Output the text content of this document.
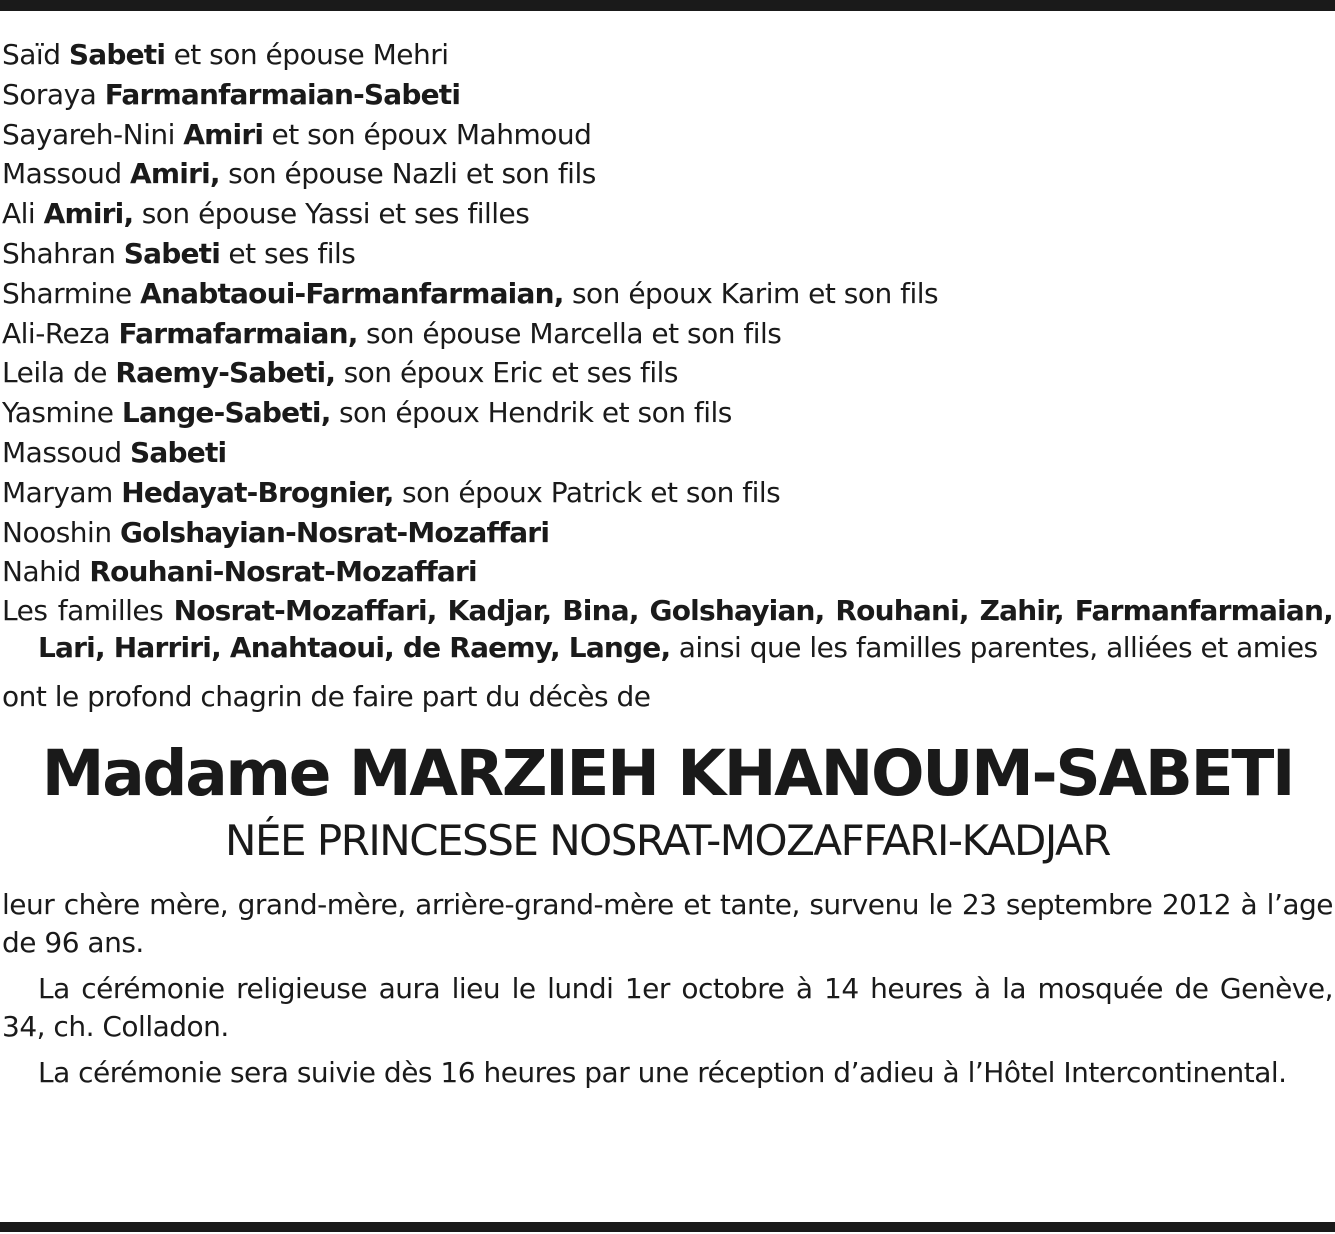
Saïd Sabeti et son épouse Mehri
Soraya Farmanfarmaian-Sabeti
Sayareh-Nini Amiri et son époux Mahmoud
Massoud Amiri, son épouse Nazli et son fils
Ali Amiri, son épouse Yassi et ses filles
Shahran Sabeti et ses fils
Sharmine Anabtaoui-Farmanfarmaian, son époux Karim et son fils
Ali-Reza Farmafarmaian, son épouse Marcella et son fils
Leila de Raemy-Sabeti, son époux Eric et ses fils
Yasmine Lange-Sabeti, son époux Hendrik et son fils
Massoud Sabeti
Maryam Hedayat-Brognier, son époux Patrick et son fils
Nooshin Golshayian-Nosrat-Mozaffari
Nahid Rouhani-Nosrat-Mozaffari
Les familles Nosrat-Mozaffari, Kadjar, Bina, Golshayian, Rouhani, Zahir, Farmanfarmaian, Lari, Harriri, Anahtaoui, de Raemy, Lange, ainsi que les familles parentes, alliées et amies
ont le profond chagrin de faire part du décès de
Madame MARZIEH KHANOUM-SABETI
NÉE PRINCESSE NOSRAT-MOZAFFARI-KADJAR
leur chère mère, grand-mère, arrière-grand-mère et tante, survenu le 23 septembre 2012 à l’age de 96 ans.
La cérémonie religieuse aura lieu le lundi 1er octobre à 14 heures à la mosquée de Genève, 34, ch. Colladon.
La cérémonie sera suivie dès 16 heures par une réception d’adieu à l’Hôtel Intercontinental.
